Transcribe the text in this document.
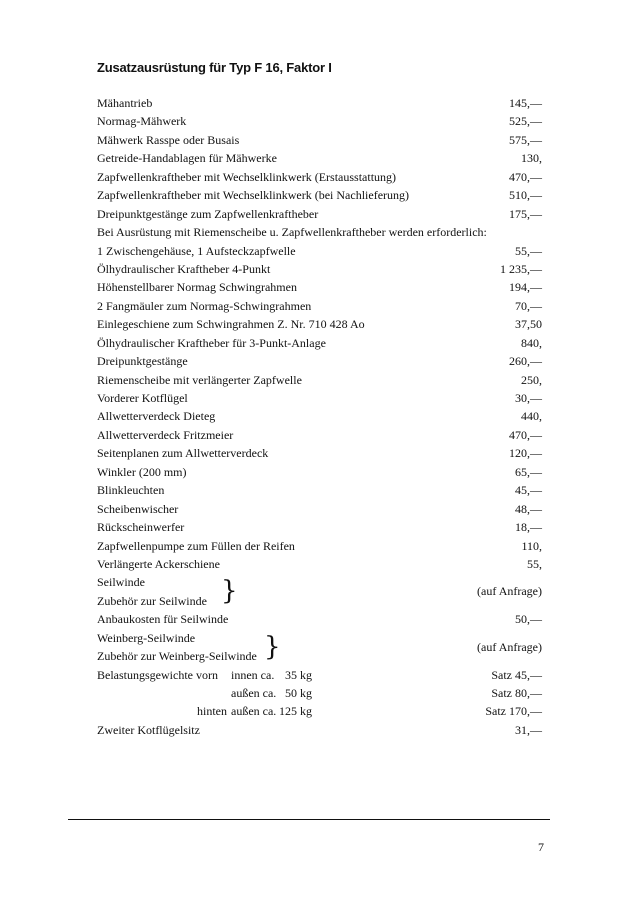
Zusatzausrüstung für Typ F 16, Faktor I
Mähantrieb	145,—
Normag-Mähwerk	525,—
Mähwerk Rasspe oder Busais	575,—
Getreide-Handablagen für Mähwerke	130,
Zapfwellenkraftheber mit Wechselklinkwerk (Erstausstattung)	470,—
Zapfwellenkraftheber mit Wechselklinkwerk (bei Nachlieferung)	510,—
Dreipunktgestänge zum Zapfwellenkraftheber	175,—
Bei Ausrüstung mit Riemenscheibe u. Zapfwellenkraftheber werden erforderlich:
1 Zwischengehäuse, 1 Aufsteckzapfwelle	55,—
Ölhydraulischer Kraftheber 4-Punkt	1 235,—
Höhenstellbarer Normag Schwingrahmen	194,—
2 Fangmäuler zum Normag-Schwingrahmen	70,—
Einlegeschiene zum Schwingrahmen Z. Nr. 710 428 Ao	37,50
Ölhydraulischer Kraftheber für 3-Punkt-Anlage	840,
Dreipunktgestänge	260,—
Riemenscheibe mit verlängerter Zapfwelle	250,
Vorderer Kotflügel	30,—
Allwetterverdeck Dieteg	440,
Allwetterverdeck Fritzmeier	470,—
Seitenplanen zum Allwetterverdeck	120,—
Winkler (200 mm)	65,—
Blinkleuchten	45,—
Scheibenwischer	48,—
Rückscheinwerfer	18,—
Zapfwellenpumpe zum Füllen der Reifen	110,
Verlängerte Ackerschiene	55,
Seilwinde
Zubehör zur Seilwinde }	(auf Anfrage)
Anbaukosten für Seilwinde	50,—
Weinberg-Seilwinde
Zubehör zur Weinberg-Seilwinde }	(auf Anfrage)
Belastungsgewichte vorn innen ca. 35 kg	Satz 45,—
außen ca. 50 kg	Satz 80,—
hinten außen ca. 125 kg	Satz 170,—
Zweiter Kotflügelsitz	31,—
7
